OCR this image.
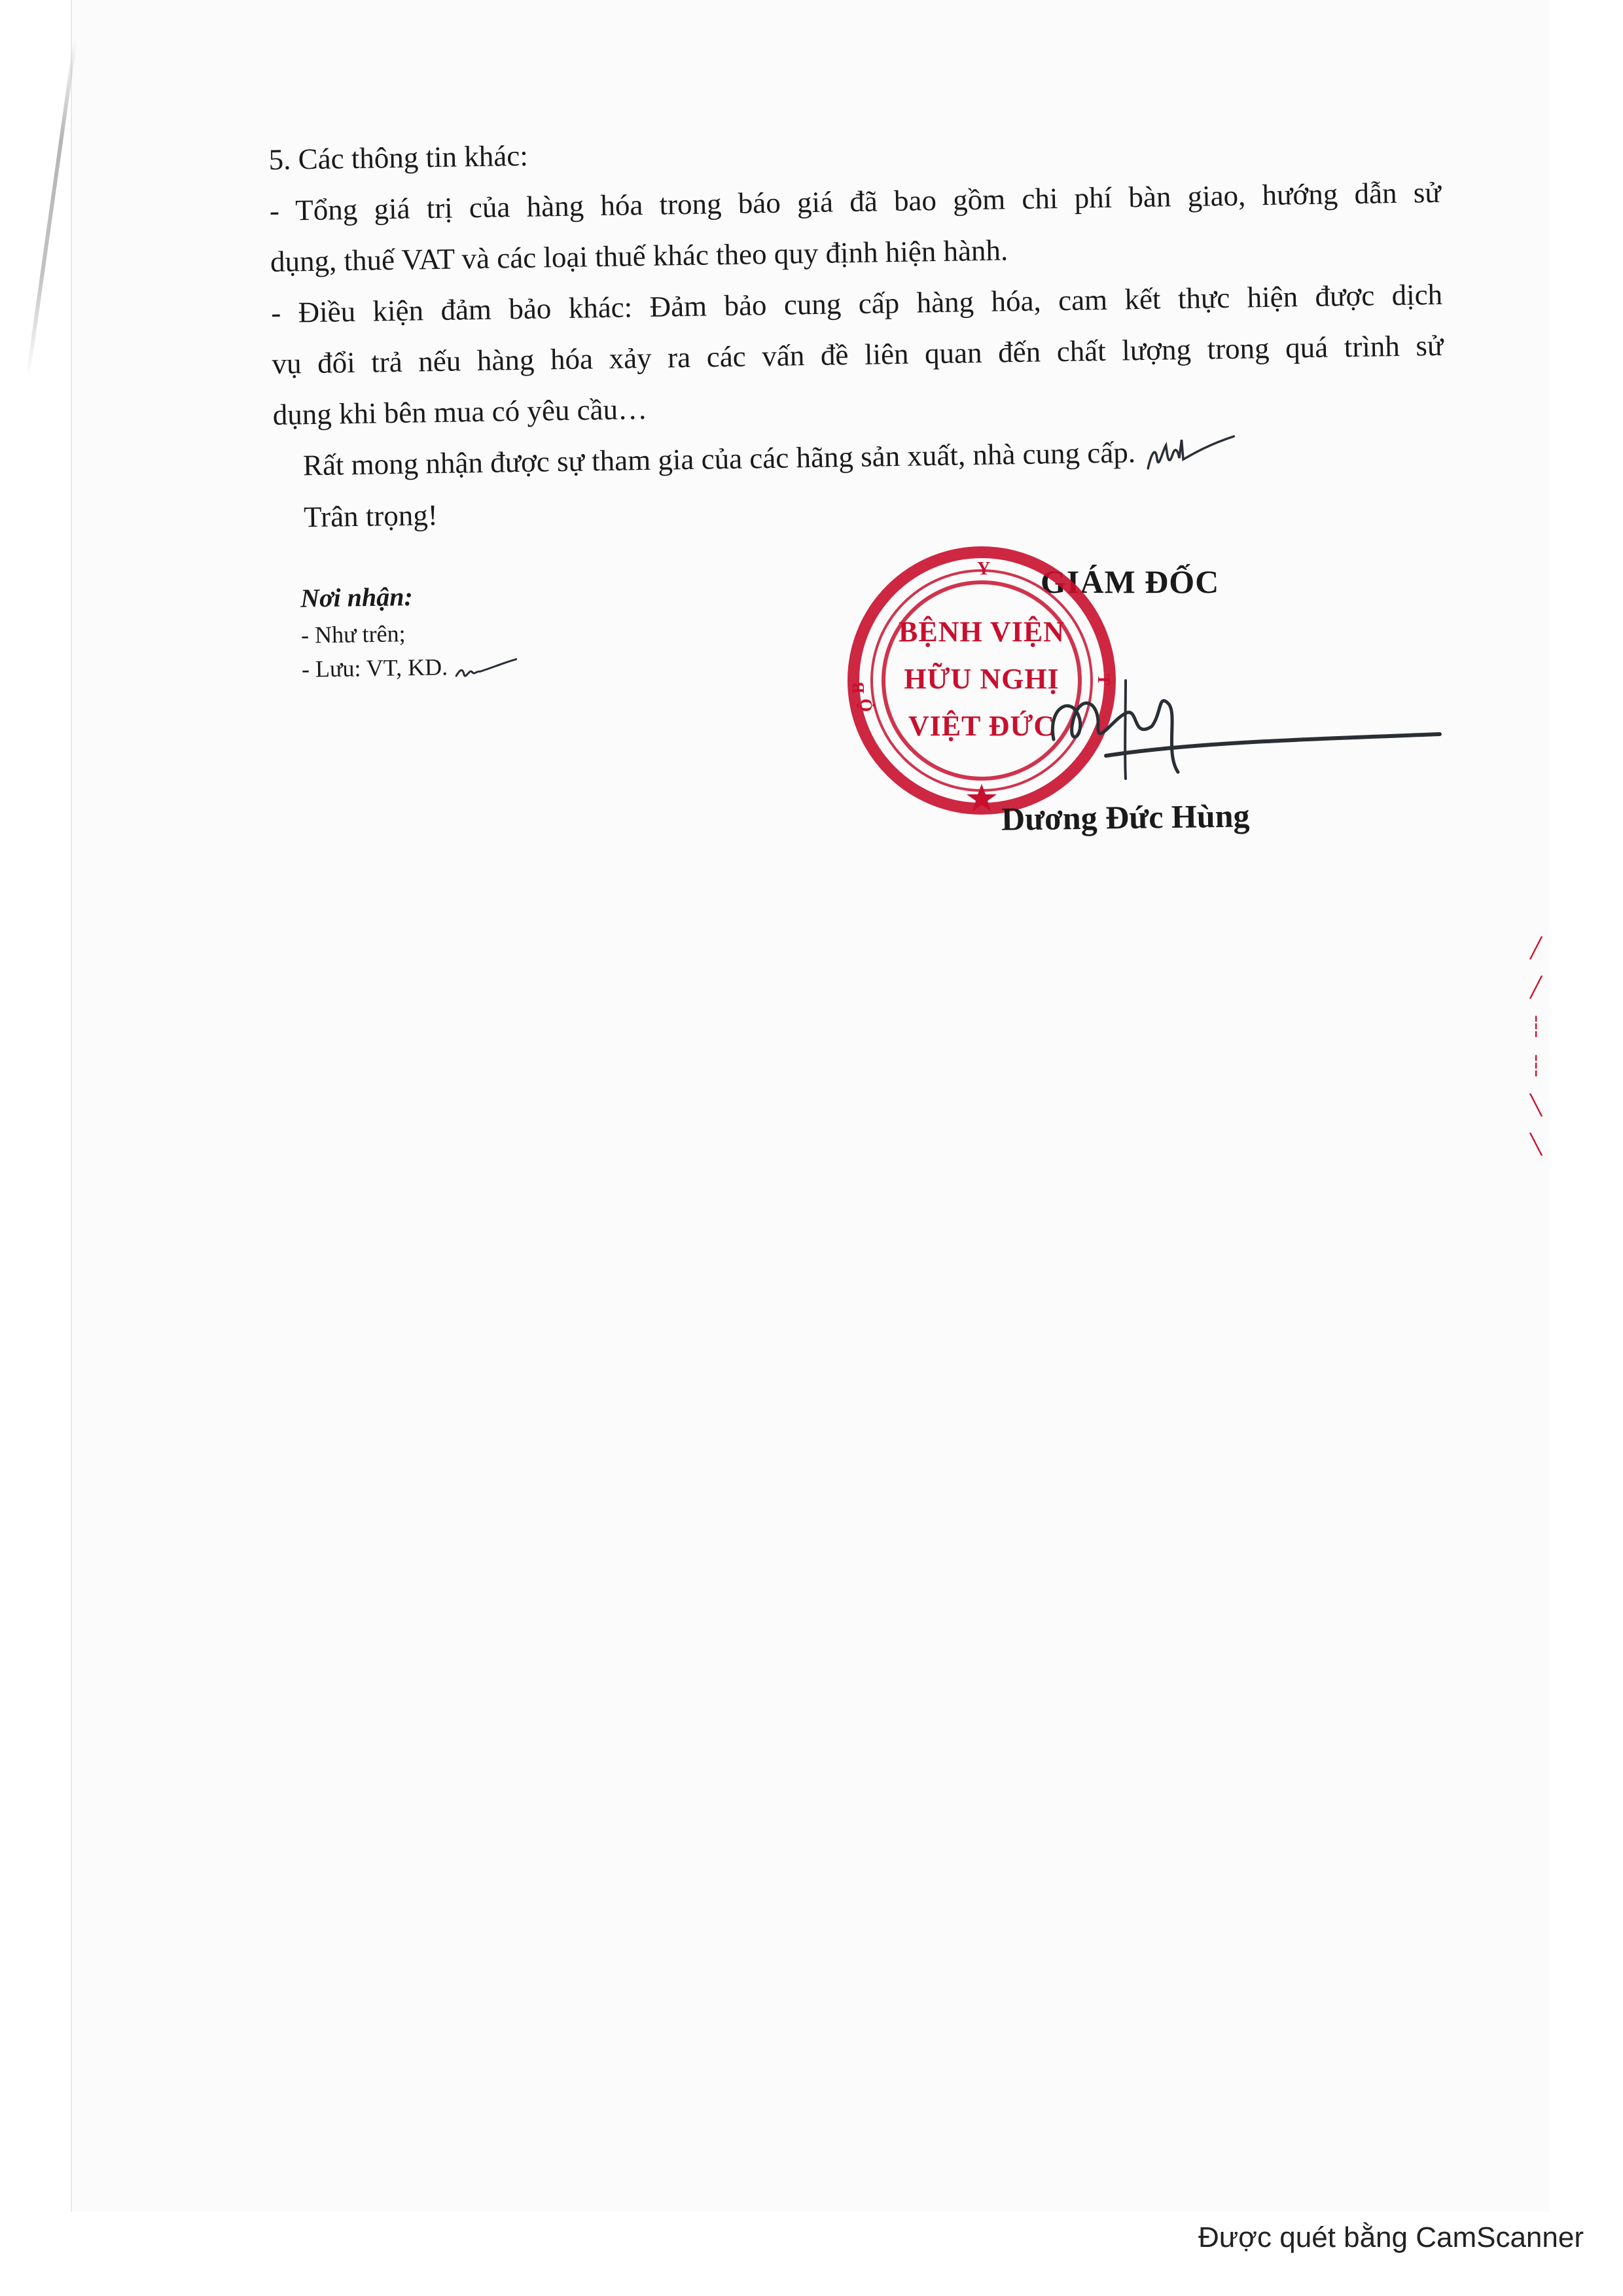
5. Các thông tin khác:
- Tổng giá trị của hàng hóa trong báo giá đã bao gồm chi phí bàn giao, hướng dẫn sử
dụng, thuế VAT và các loại thuế khác theo quy định hiện hành.
- Điều kiện đảm bảo khác: Đảm bảo cung cấp hàng hóa, cam kết thực hiện được dịch
vụ đổi trả nếu hàng hóa xảy ra các vấn đề liên quan đến chất lượng trong quá trình sử
dụng khi bên mua có yêu cầu…
Rất mong nhận được sự tham gia của các hãng sản xuất, nhà cung cấp.
Trân trọng!
Nơi nhận:
- Như trên;
- Lưu: VT, KD.
GIÁM ĐỐC
Y
B
Ộ
T
BỆNH VIỆN
HỮU NGHỊ
VIỆT ĐỨC
Dương Đức Hùng
╱
╱
┆
┆
╲
╲
Được quét bằng CamScanner
